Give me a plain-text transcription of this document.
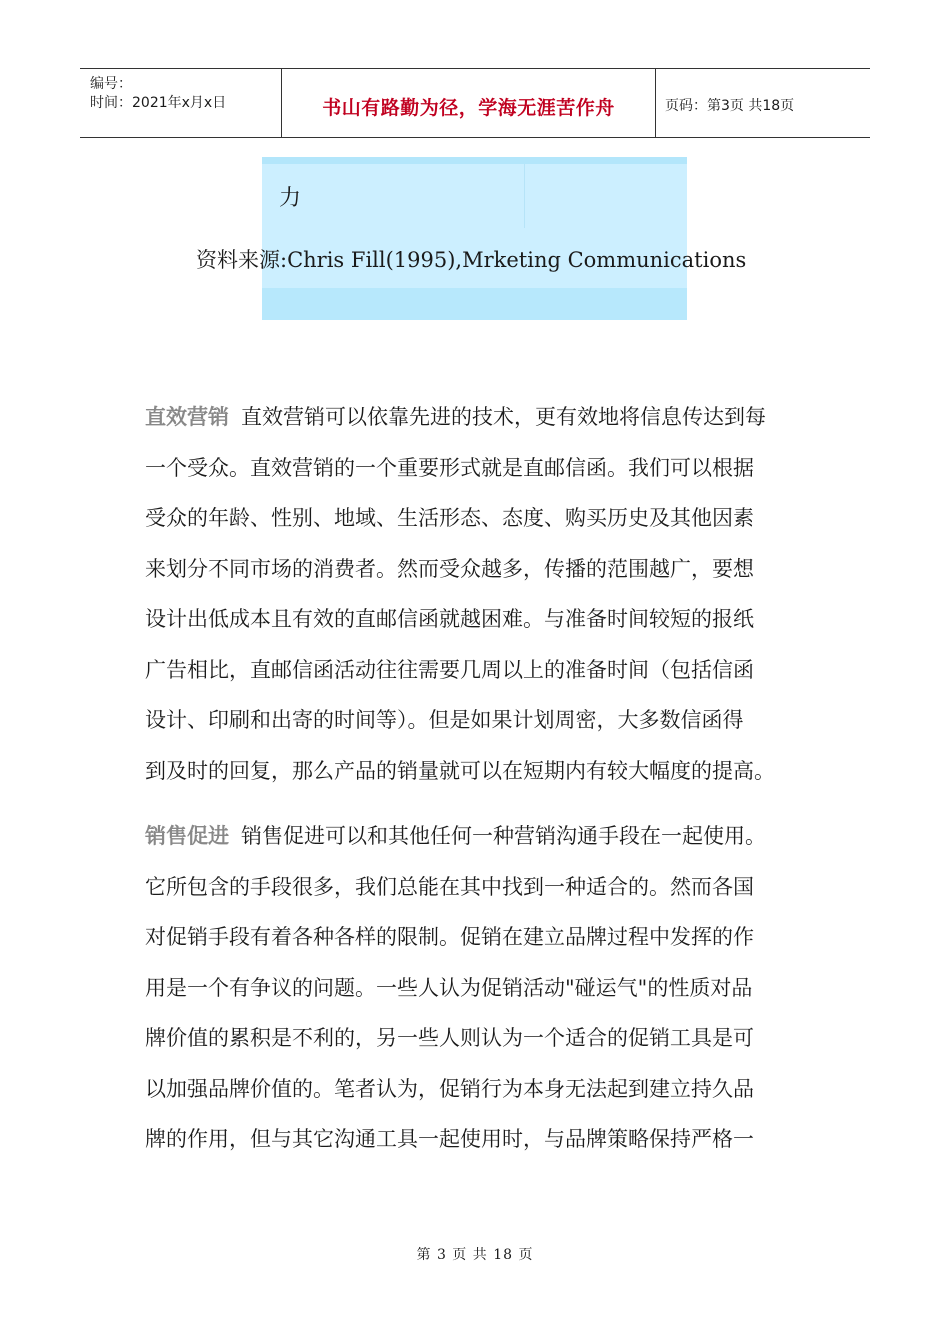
编号：
时间：2021年x月x日	书山有路勤为径，学海无涯苦作舟	页码：第3页 共18页
力
资料来源:Chris Fill(1995),Mrketing Communications
直效营销 直效营销可以依靠先进的技术，更有效地将信息传达到每
一个受众。直效营销的一个重要形式就是直邮信函。我们可以根据
受众的年龄、性别、地域、生活形态、态度、购买历史及其他因素
来划分不同市场的消费者。然而受众越多，传播的范围越广，要想
设计出低成本且有效的直邮信函就越困难。与准备时间较短的报纸
广告相比，直邮信函活动往往需要几周以上的准备时间（包括信函
设计、印刷和出寄的时间等）。但是如果计划周密，大多数信函得
到及时的回复，那么产品的销量就可以在短期内有较大幅度的提高。
销售促进 销售促进可以和其他任何一种营销沟通手段在一起使用。
它所包含的手段很多，我们总能在其中找到一种适合的。然而各国
对促销手段有着各种各样的限制。促销在建立品牌过程中发挥的作
用是一个有争议的问题。一些人认为促销活动"碰运气"的性质对品
牌价值的累积是不利的，另一些人则认为一个适合的促销工具是可
以加强品牌价值的。笔者认为，促销行为本身无法起到建立持久品
牌的作用，但与其它沟通工具一起使用时，与品牌策略保持严格一
第 3 页 共 18 页
